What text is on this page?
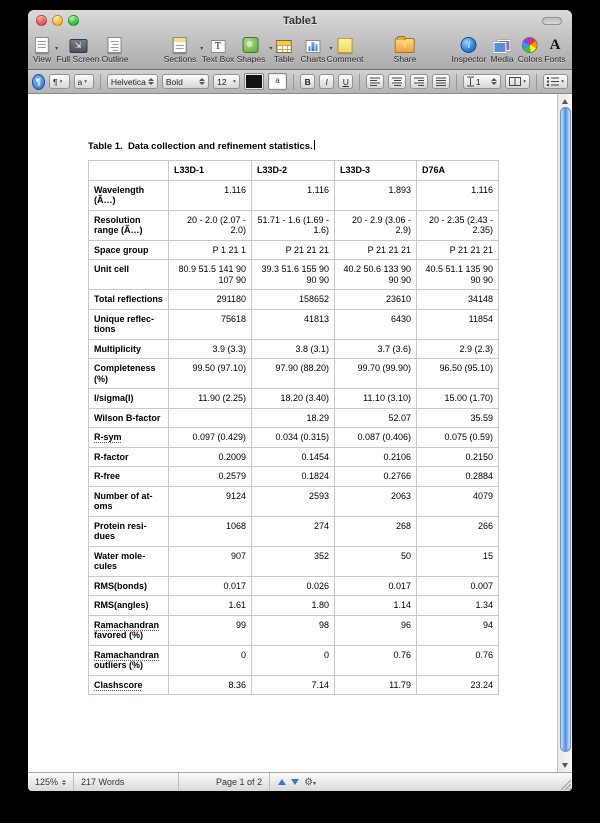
Table1
▾
View
⇲
Full Screen Outline
▾
Sections
T
Text Box
▾
Shapes Table
▾
Charts Comment
↑	Share
i
Inspector Media Colors
A
Fonts
¶	¶ ▾ a ▾	Helvetica Bold	12 ▾	a	B I U	1	▾	▾
Table 1.  Data collection and refinement statistics.
	L33D-1	L33D-2	L33D-3	D76A
Wavelength (Ã…)	1.116	1.116	1.893	1.116
Resolution range (Ã…)	20 - 2.0 (2.07 - 2.0)	51.71 - 1.6 (1.69 - 1.6)	20 - 2.9 (3.06 - 2.9)	20 - 2.35 (2.43 - 2.35)
Space group	P 1 21 1	P 21 21 21	P 21 21 21	P 21 21 21
Unit cell	80.9 51.5 141 90 107 90	39.3 51.6 155 90 90 90	40.2 50.6 133 90 90 90	40.5 51.1 135 90 90 90
Total reflections	291180	158652	23610	34148
Unique reflections	75618	41813	6430	11854
Multiplicity	3.9 (3.3)	3.8 (3.1)	3.7 (3.6)	2.9 (2.3)
Completeness (%)	99.50 (97.10)	97.90 (88.20)	99.70 (99.90)	96.50 (95.10)
I/sigma(I)	11.90 (2.25)	18.20 (3.40)	11.10 (3.10)	15.00 (1.70)
Wilson B-factor		18.29	52.07	35.59
R-sym	0.097 (0.429)	0.034 (0.315)	0.087 (0.406)	0.075 (0.59)
R-factor	0.2009	0.1454	0.2106	0.2150
R-free	0.2579	0.1824	0.2766	0.2884
Number of atoms	9124	2593	2063	4079
Protein residues	1068	274	268	266
Water molecules	907	352	50	15
RMS(bonds)	0.017	0.026	0.017	0.007
RMS(angles)	1.61	1.80	1.14	1.34
Ramachandran favored (%)	99	98	96	94
Ramachandran outliers (%)	0	0	0.76	0.76
Clashscore	8.36	7.14	11.79	23.24
125%	217 Words	Page 1 of 2	⚙▾
